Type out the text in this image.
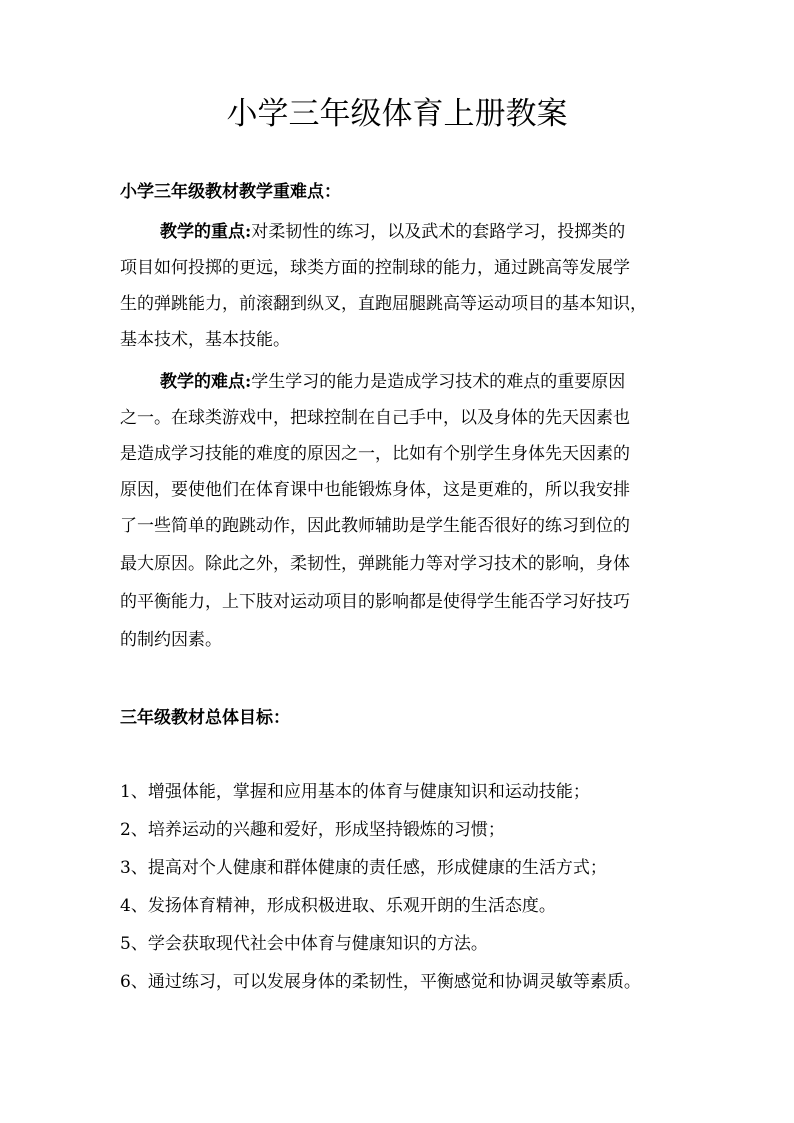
小学三年级体育上册教案
小学三年级教材教学重难点：
教学的重点:对柔韧性的练习，以及武术的套路学习，投掷类的
项目如何投掷的更远，球类方面的控制球的能力，通过跳高等发展学
生的弹跳能力，前滚翻到纵叉，直跑屈腿跳高等运动项目的基本知识，
基本技术，基本技能。
教学的难点:学生学习的能力是造成学习技术的难点的重要原因
之一。在球类游戏中，把球控制在自己手中，以及身体的先天因素也
是造成学习技能的难度的原因之一，比如有个别学生身体先天因素的
原因，要使他们在体育课中也能锻炼身体，这是更难的，所以我安排
了一些简单的跑跳动作，因此教师辅助是学生能否很好的练习到位的
最大原因。除此之外，柔韧性，弹跳能力等对学习技术的影响，身体
的平衡能力，上下肢对运动项目的影响都是使得学生能否学习好技巧
的制约因素。
三年级教材总体目标：
1、增强体能，掌握和应用基本的体育与健康知识和运动技能；
2、培养运动的兴趣和爱好，形成坚持锻炼的习惯；
3、提高对个人健康和群体健康的责任感，形成健康的生活方式；
4、发扬体育精神，形成积极进取、乐观开朗的生活态度。
5、学会获取现代社会中体育与健康知识的方法。
6、通过练习，可以发展身体的柔韧性，平衡感觉和协调灵敏等素质。
